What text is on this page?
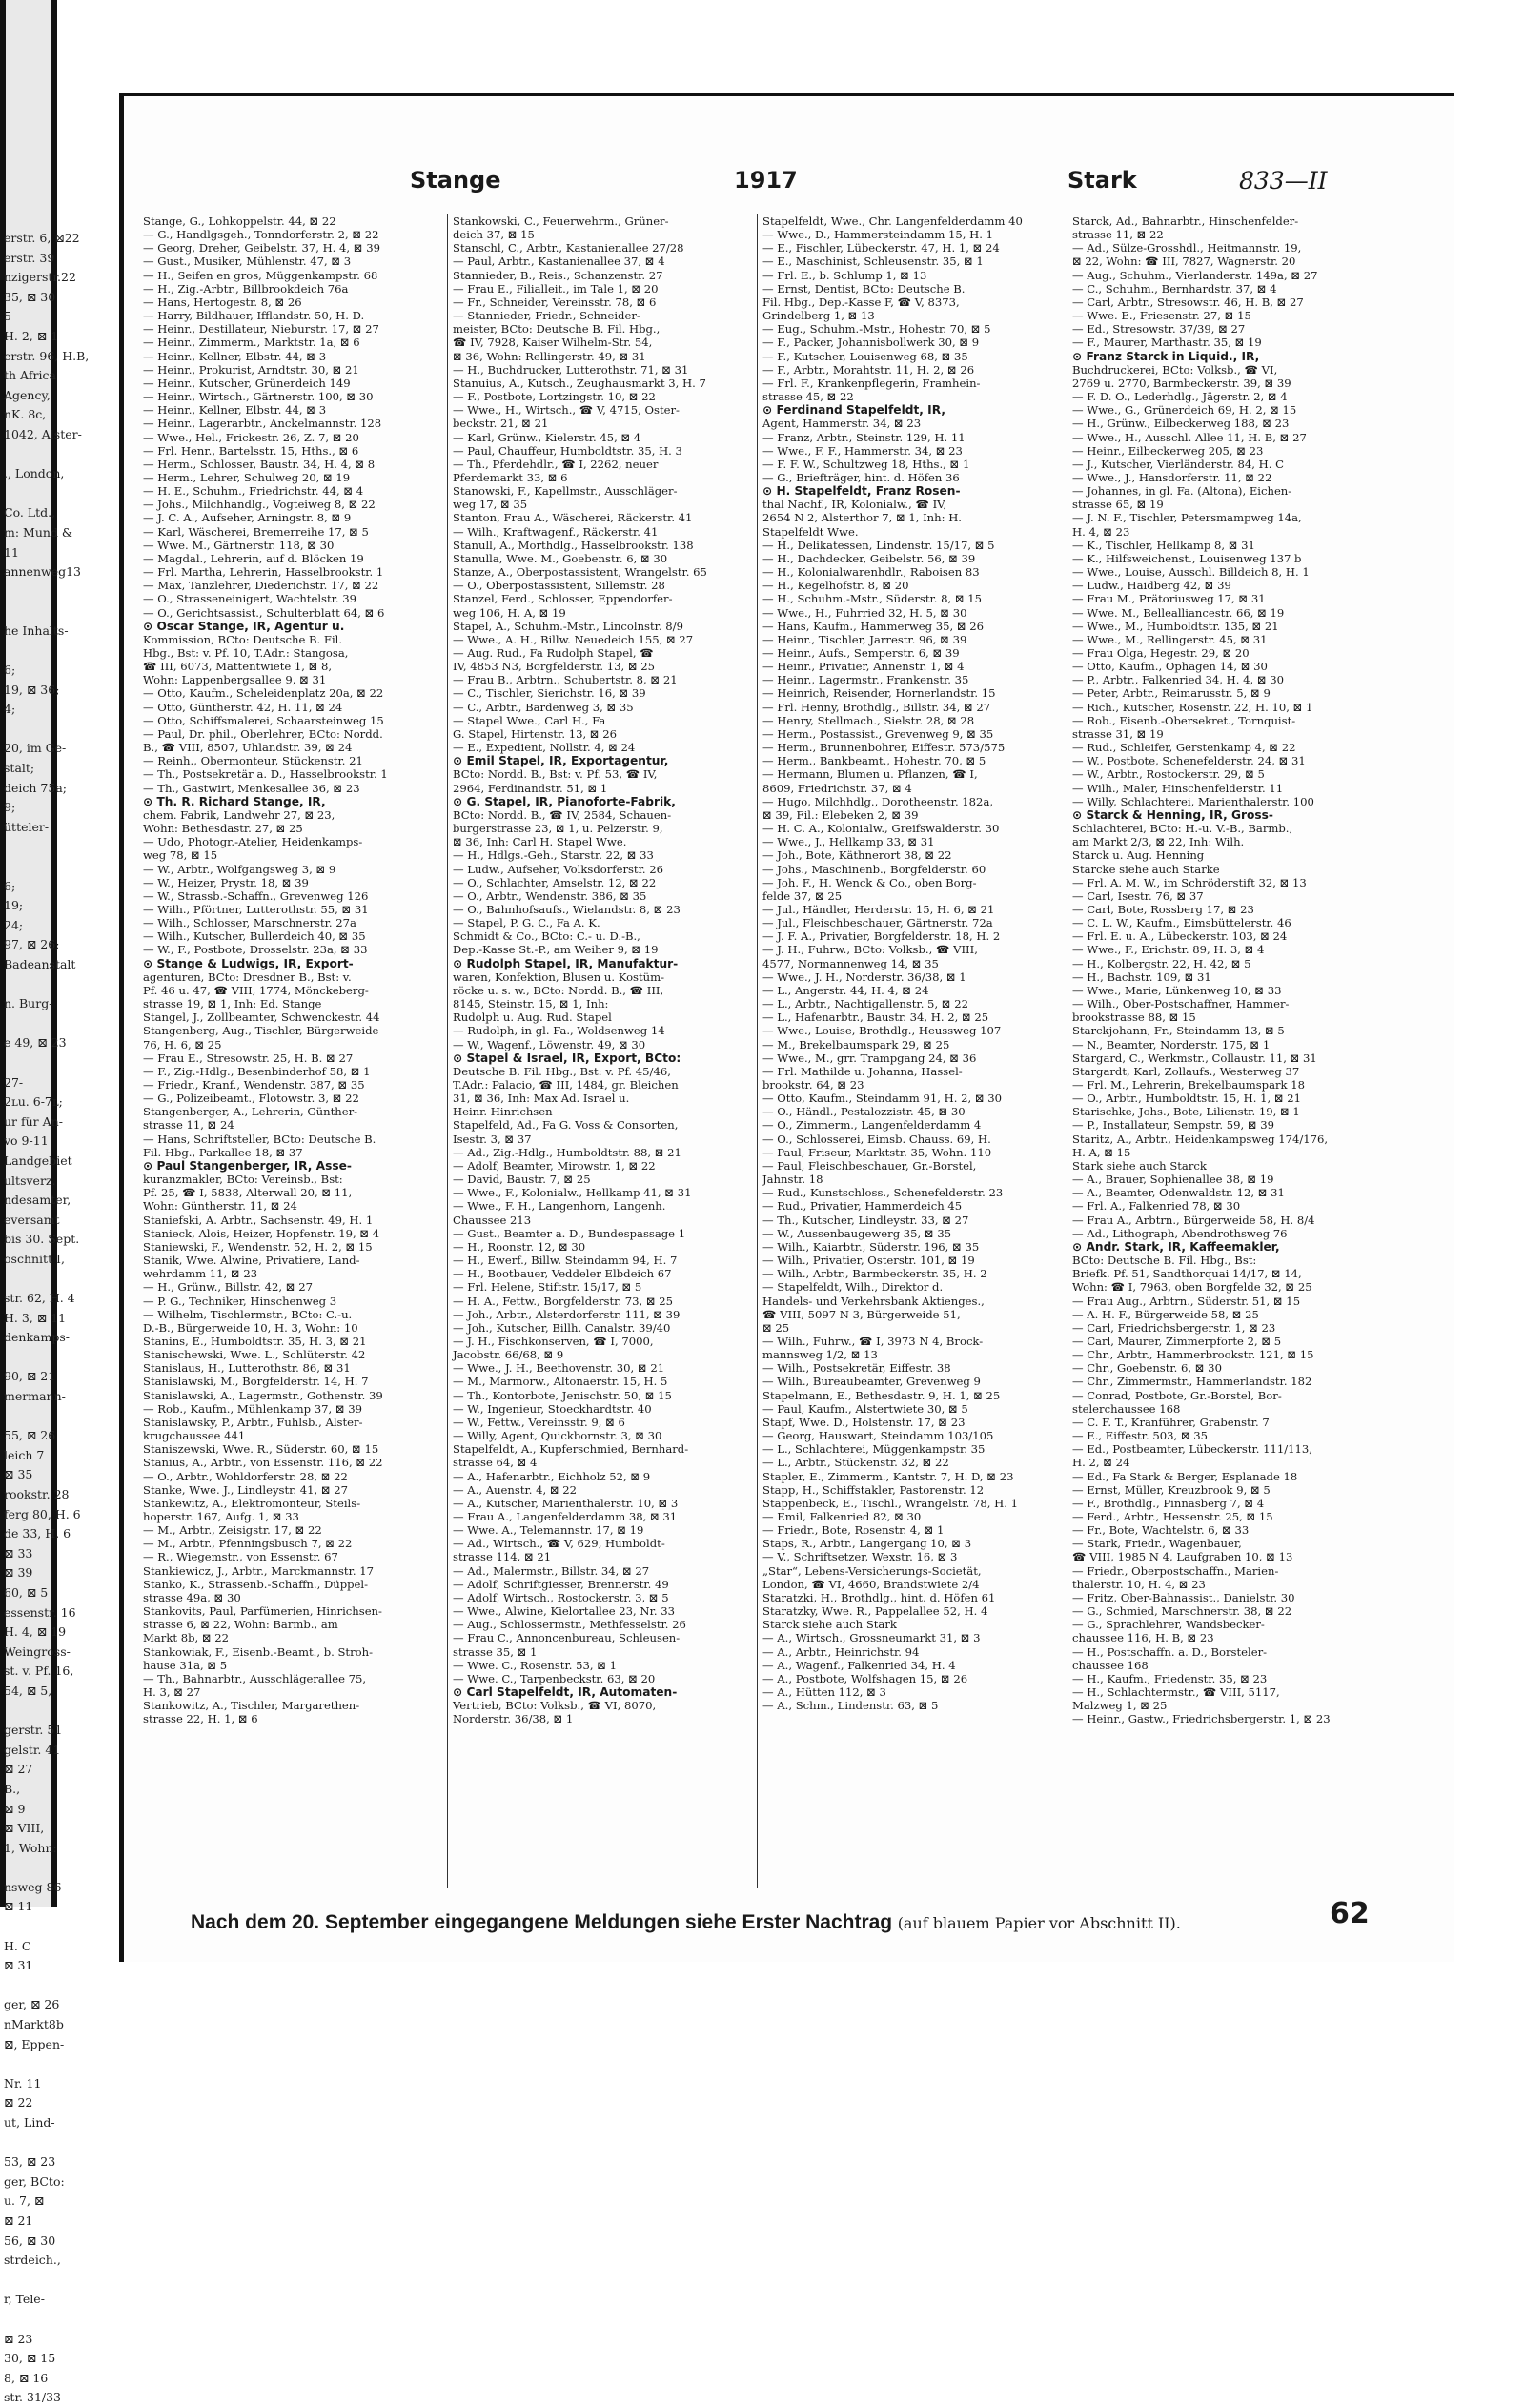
erstr. 6, ⊠22
erstr. 39
nzigerstr.22
35, ⊠ 30
5
H. 2, ⊠ 1
erstr. 96, H.B,
th Africa
Agency,
nK. 8c,
1042, Alster-

., London,

Co. Ltd.,
m: Mund &
11
annenweg13

he Inhalts-

6;
19, ⊠ 36;
4;

20, im Ge-
stalt;
deich 75a;
9;
ütteler-

6;
19;
24;
97, ⊠ 26;
Badeanstalt

n. Burg-

e 49, ⊠ 23

27-
2ʟu. 6-7ʟ;
ur für An-
vo 9-11
Landgebiet
ultsverz.
ndesamter,
eversamt
bis 30. Sept.
oschnitt I,

str. 62, H. 4
H. 3, ⊠ 11
denkamps-

90, ⊠ 21
mermann-

55, ⊠ 26
leich 7
⊠ 35
rookstr. 28
ferg 80, H. 6
de 33, H. 6
⊠ 33
⊠ 39
60, ⊠ 5
essenstr. 16
H. 4, ⊠ 19
Weingross-
st. v. Pf. 16,
54, ⊠ 5,

gerstr. 51
gelstr. 41
⊠ 27
B.,
⊠ 9
⊠ VIII,
1, Wohn:

nsweg 86
⊠ 11

H. C
⊠ 31

ger, ⊠ 26
nMarkt8b
⊠, Eppen-

Nr. 11
⊠ 22
ut, Lind-

53, ⊠ 23
ger, BCto:
u. 7, ⊠
⊠ 21
56, ⊠ 30
strdeich.,

r, Tele-

⊠ 23
30, ⊠ 15
8, ⊠ 16
str. 31/33
Stange	1917	Stark	833—II
Stange, G., Lohkoppelstr. 44, ⊠ 22
— G., Handlgsgeh., Tonndorferstr. 2, ⊠ 22
— Georg, Dreher, Geibelstr. 37, H. 4, ⊠ 39
— Gust., Musiker, Mühlenstr. 47, ⊠ 3
— H., Seifen en gros, Müggenkampstr. 68
— H., Zig.-Arbtr., Billbrookdeich 76a
— Hans, Hertogestr. 8, ⊠ 26
— Harry, Bildhauer, Ifflandstr. 50, H. D.
— Heinr., Destillateur, Nieburstr. 17, ⊠ 27
— Heinr., Zimmerm., Marktstr. 1a, ⊠ 6
— Heinr., Kellner, Elbstr. 44, ⊠ 3
— Heinr., Prokurist, Arndtstr. 30, ⊠ 21
— Heinr., Kutscher, Grünerdeich 149
— Heinr., Wirtsch., Gärtnerstr. 100, ⊠ 30
— Heinr., Kellner, Elbstr. 44, ⊠ 3
— Heinr., Lagerarbtr., Anckelmannstr. 128
— Wwe., Hel., Frickestr. 26, Z. 7, ⊠ 20
— Frl. Henr., Bartelsstr. 15, Hths., ⊠ 6
— Herm., Schlosser, Baustr. 34, H. 4, ⊠ 8
— Herm., Lehrer, Schulweg 20, ⊠ 19
— H. E., Schuhm., Friedrichstr. 44, ⊠ 4
— Johs., Milchhandlg., Vogteiweg 8, ⊠ 22
— J. C. A., Aufseher, Arningstr. 8, ⊠ 9
— Karl, Wäscherei, Bremerreihe 17, ⊠ 5
— Wwe. M., Gärtnerstr. 118, ⊠ 30
— Magdal., Lehrerin, auf d. Blöcken 19
— Frl. Martha, Lehrerin, Hasselbrookstr. 1
— Max, Tanzlehrer, Diederichstr. 17, ⊠ 22
— O., Strasseneinigert, Wachtelstr. 39
— O., Gerichtsassist., Schulterblatt 64, ⊠ 6
⊙ Oscar Stange, IR, Agentur u.
Kommission, BCto: Deutsche B. Fil.
Hbg., Bst: v. Pf. 10, T.Adr.: Stangosa,
☎ III, 6073, Mattentwiete 1, ⊠ 8,
Wohn: Lappenbergsallee 9, ⊠ 31
— Otto, Kaufm., Scheleidenplatz 20a, ⊠ 22
— Otto, Güntherstr. 42, H. 11, ⊠ 24
— Otto, Schiffsmalerei, Schaarsteinweg 15
— Paul, Dr. phil., Oberlehrer, BCto: Nordd.
B., ☎ VIII, 8507, Uhlandstr. 39, ⊠ 24
— Reinh., Obermonteur, Stückenstr. 21
— Th., Postsekretär a. D., Hasselbrookstr. 1
— Th., Gastwirt, Menkesallee 36, ⊠ 23
⊙ Th. R. Richard Stange, IR,
chem. Fabrik, Landwehr 27, ⊠ 23,
Wohn: Bethesdastr. 27, ⊠ 25
— Udo, Photogr.-Atelier, Heidenkamps-
weg 78, ⊠ 15
— W., Arbtr., Wolfgangsweg 3, ⊠ 9
— W., Heizer, Prystr. 18, ⊠ 39
— W., Strassb.-Schaffn., Grevenweg 126
— Wilh., Pförtner, Lutterothstr. 55, ⊠ 31
— Wilh., Schlosser, Marschnerstr. 27a
— Wilh., Kutscher, Bullerdeich 40, ⊠ 35
— W., F., Postbote, Drosselstr. 23a, ⊠ 33
⊙ Stange & Ludwigs, IR, Export-
agenturen, BCto: Dresdner B., Bst: v.
Pf. 46 u. 47, ☎ VIII, 1774, Mönckeberg-
strasse 19, ⊠ 1, Inh: Ed. Stange
Stangel, J., Zollbeamter, Schwenckestr. 44
Stangenberg, Aug., Tischler, Bürgerweide
76, H. 6, ⊠ 25
— Frau E., Stresowstr. 25, H. B. ⊠ 27
— F., Zig.-Hdlg., Besenbinderhof 58, ⊠ 1
— Friedr., Kranf., Wendenstr. 387, ⊠ 35
— G., Polizeibeamt., Flotowstr. 3, ⊠ 22
Stangenberger, A., Lehrerin, Günther-
strasse 11, ⊠ 24
— Hans, Schriftsteller, BCto: Deutsche B.
Fil. Hbg., Parkallee 18, ⊠ 37
⊙ Paul Stangenberger, IR, Asse-
kuranzmakler, BCto: Vereinsb., Bst:
Pf. 25, ☎ I, 5838, Alterwall 20, ⊠ 11,
Wohn: Güntherstr. 11, ⊠ 24
Staniefski, A. Arbtr., Sachsenstr. 49, H. 1
Stanieck, Alois, Heizer, Hopfenstr. 19, ⊠ 4
Staniewski, F., Wendenstr. 52, H. 2, ⊠ 15
Stanik, Wwe. Alwine, Privatiere, Land-
wehrdamm 11, ⊠ 23
— H., Grünw., Billstr. 42, ⊠ 27
— P. G., Techniker, Hinschenweg 3
— Wilhelm, Tischlermstr., BCto: C.-u.
D.-B., Bürgerweide 10, H. 3, Wohn: 10
Stanins, E., Humboldtstr. 35, H. 3, ⊠ 21
Stanischewski, Wwe. L., Schlüterstr. 42
Stanislaus, H., Lutterothstr. 86, ⊠ 31
Stanislawski, M., Borgfelderstr. 14, H. 7
Stanislawski, A., Lagermstr., Gothenstr. 39
— Rob., Kaufm., Mühlenkamp 37, ⊠ 39
Stanislawsky, P., Arbtr., Fuhlsb., Alster-
krugchaussee 441
Staniszewski, Wwe. R., Süderstr. 60, ⊠ 15
Stanius, A., Arbtr., von Essenstr. 116, ⊠ 22
— O., Arbtr., Wohldorferstr. 28, ⊠ 22
Stanke, Wwe. J., Lindleystr. 41, ⊠ 27
Stankewitz, A., Elektromonteur, Steils-
hoperstr. 167, Aufg. 1, ⊠ 33
— M., Arbtr., Zeisigstr. 17, ⊠ 22
— M., Arbtr., Pfenningsbusch 7, ⊠ 22
— R., Wiegemstr., von Essenstr. 67
Stankiewicz, J., Arbtr., Marckmannstr. 17
Stanko, K., Strassenb.-Schaffn., Düppel-
strasse 49a, ⊠ 30
Stankovits, Paul, Parfümerien, Hinrichsen-
strasse 6, ⊠ 22, Wohn: Barmb., am
Markt 8b, ⊠ 22
Stankowiak, F., Eisenb.-Beamt., b. Stroh-
hause 31a, ⊠ 5
— Th., Bahnarbtr., Ausschlägerallee 75,
H. 3, ⊠ 27
Stankowitz, A., Tischler, Margarethen-
strasse 22, H. 1, ⊠ 6
Stankowski, C., Feuerwehrm., Grüner-
deich 37, ⊠ 15
Stanschl, C., Arbtr., Kastanienallee 27/28
— Paul, Arbtr., Kastanienallee 37, ⊠ 4
Stannieder, B., Reis., Schanzenstr. 27
— Frau E., Filialleit., im Tale 1, ⊠ 20
— Fr., Schneider, Vereinsstr. 78, ⊠ 6
— Stannieder, Friedr., Schneider-
meister, BCto: Deutsche B. Fil. Hbg.,
☎ IV, 7928, Kaiser Wilhelm-Str. 54,
⊠ 36, Wohn: Rellingerstr. 49, ⊠ 31
— H., Buchdrucker, Lutterothstr. 71, ⊠ 31
Stanuius, A., Kutsch., Zeughausmarkt 3, H. 7
— F., Postbote, Lortzingstr. 10, ⊠ 22
— Wwe., H., Wirtsch., ☎ V, 4715, Oster-
beckstr. 21, ⊠ 21
— Karl, Grünw., Kielerstr. 45, ⊠ 4
— Paul, Chauffeur, Humboldtstr. 35, H. 3
— Th., Pferdehdlr., ☎ I, 2262, neuer
Pferdemarkt 33, ⊠ 6
Stanowski, F., Kapellmstr., Ausschläger-
weg 17, ⊠ 35
Stanton, Frau A., Wäscherei, Räckerstr. 41
— Wilh., Kraftwagenf., Räckerstr. 41
Stanull, A., Morthdlg., Hasselbrookstr. 138
Stanulla, Wwe. M., Goebenstr. 6, ⊠ 30
Stanze, A., Oberpostassistent, Wrangelstr. 65
— O., Oberpostassistent, Sillemstr. 28
Stanzel, Ferd., Schlosser, Eppendorfer-
weg 106, H. A, ⊠ 19
Stapel, A., Schuhm.-Mstr., Lincolnstr. 8/9
— Wwe., A. H., Billw. Neuedeich 155, ⊠ 27
— Aug. Rud., Fa Rudolph Stapel, ☎
IV, 4853 N3, Borgfelderstr. 13, ⊠ 25
— Frau B., Arbtrn., Schubertstr. 8, ⊠ 21
— C., Tischler, Sierichstr. 16, ⊠ 39
— C., Arbtr., Bardenweg 3, ⊠ 35
— Stapel Wwe., Carl H., Fa
G. Stapel, Hirtenstr. 13, ⊠ 26
— E., Expedient, Nollstr. 4, ⊠ 24
⊙ Emil Stapel, IR, Exportagentur,
BCto: Nordd. B., Bst: v. Pf. 53, ☎ IV,
2964, Ferdinandstr. 51, ⊠ 1
⊙ G. Stapel, IR, Pianoforte-Fabrik,
BCto: Nordd. B., ☎ IV, 2584, Schauen-
burgerstrasse 23, ⊠ 1, u. Pelzerstr. 9,
⊠ 36, Inh: Carl H. Stapel Wwe.
— H., Hdlgs.-Geh., Starstr. 22, ⊠ 33
— Ludw., Aufseher, Volksdorferstr. 26
— O., Schlachter, Amselstr. 12, ⊠ 22
— O., Arbtr., Wendenstr. 386, ⊠ 35
— O., Bahnhofsaufs., Wielandstr. 8, ⊠ 23
— Stapel, P. G. C., Fa A. K.
Schmidt & Co., BCto: C.- u. D.-B.,
Dep.-Kasse St.-P., am Weiher 9, ⊠ 19
⊙ Rudolph Stapel, IR, Manufaktur-
waren, Konfektion, Blusen u. Kostüm-
röcke u. s. w., BCto: Nordd. B., ☎ III,
8145, Steinstr. 15, ⊠ 1, Inh:
Rudolph u. Aug. Rud. Stapel
— Rudolph, in gl. Fa., Woldsenweg 14
— W., Wagenf., Löwenstr. 49, ⊠ 30
⊙ Stapel & Israel, IR, Export, BCto:
Deutsche B. Fil. Hbg., Bst: v. Pf. 45/46,
T.Adr.: Palacio, ☎ III, 1484, gr. Bleichen
31, ⊠ 36, Inh: Max Ad. Israel u.
Heinr. Hinrichsen
Stapelfeld, Ad., Fa G. Voss & Consorten,
Isestr. 3, ⊠ 37
— Ad., Zig.-Hdlg., Humboldtstr. 88, ⊠ 21
— Adolf, Beamter, Mirowstr. 1, ⊠ 22
— David, Baustr. 7, ⊠ 25
— Wwe., F., Kolonialw., Hellkamp 41, ⊠ 31
— Wwe., F. H., Langenhorn, Langenh.
Chaussee 213
— Gust., Beamter a. D., Bundespassage 1
— H., Roonstr. 12, ⊠ 30
— H., Ewerf., Billw. Steindamm 94, H. 7
— H., Bootbauer, Veddeler Elbdeich 67
— Frl. Helene, Stiftstr. 15/17, ⊠ 5
— H. A., Fettw., Borgfelderstr. 73, ⊠ 25
— Joh., Arbtr., Alsterdorferstr. 111, ⊠ 39
— Joh., Kutscher, Billh. Canalstr. 39/40
— J. H., Fischkonserven, ☎ I, 7000,
Jacobstr. 66/68, ⊠ 9
— Wwe., J. H., Beethovenstr. 30, ⊠ 21
— M., Marmorw., Altonaerstr. 15, H. 5
— Th., Kontorbote, Jenischstr. 50, ⊠ 15
— W., Ingenieur, Stoeckhardtstr. 40
— W., Fettw., Vereinsstr. 9, ⊠ 6
— Willy, Agent, Quickbornstr. 3, ⊠ 30
Stapelfeldt, A., Kupferschmied, Bernhard-
strasse 64, ⊠ 4
— A., Hafenarbtr., Eichholz 52, ⊠ 9
— A., Auenstr. 4, ⊠ 22
— A., Kutscher, Marienthalerstr. 10, ⊠ 3
— Frau A., Langenfelderdamm 38, ⊠ 31
— Wwe. A., Telemannstr. 17, ⊠ 19
— Ad., Wirtsch., ☎ V, 629, Humboldt-
strasse 114, ⊠ 21
— Ad., Malermstr., Billstr. 34, ⊠ 27
— Adolf, Schriftgiesser, Brennerstr. 49
— Adolf, Wirtsch., Rostockerstr. 3, ⊠ 5
— Wwe., Alwine, Kielortallee 23, Nr. 33
— Aug., Schlossermstr., Methfesselstr. 26
— Frau C., Annoncenbureau, Schleusen-
strasse 35, ⊠ 1
— Wwe. C., Rosenstr. 53, ⊠ 1
— Wwe. C., Tarpenbeckstr. 63, ⊠ 20
⊙ Carl Stapelfeldt, IR, Automaten-
Vertrieb, BCto: Volksb., ☎ VI, 8070,
Norderstr. 36/38, ⊠ 1
Stapelfeldt, Wwe., Chr. Langenfelderdamm 40
— Wwe., D., Hammersteindamm 15, H. 1
— E., Fischler, Lübeckerstr. 47, H. 1, ⊠ 24
— E., Maschinist, Schleusenstr. 35, ⊠ 1
— Frl. E., b. Schlump 1, ⊠ 13
— Ernst, Dentist, BCto: Deutsche B.
Fil. Hbg., Dep.-Kasse F, ☎ V, 8373,
Grindelberg 1, ⊠ 13
— Eug., Schuhm.-Mstr., Hohestr. 70, ⊠ 5
— F., Packer, Johannisbollwerk 30, ⊠ 9
— F., Kutscher, Louisenweg 68, ⊠ 35
— F., Arbtr., Morahtstr. 11, H. 2, ⊠ 26
— Frl. F., Krankenpflegerin, Framhein-
strasse 45, ⊠ 22
⊙ Ferdinand Stapelfeldt, IR,
Agent, Hammerstr. 34, ⊠ 23
— Franz, Arbtr., Steinstr. 129, H. 11
— Wwe., F. F., Hammerstr. 34, ⊠ 23
— F. F. W., Schultzweg 18, Hths., ⊠ 1
— G., Briefträger, hint. d. Höfen 36
⊙ H. Stapelfeldt, Franz Rosen-
thal Nachf., IR, Kolonialw., ☎ IV,
2654 N 2, Alsterthor 7, ⊠ 1, Inh: H.
Stapelfeldt Wwe.
— H., Delikatessen, Lindenstr. 15/17, ⊠ 5
— H., Dachdecker, Geibelstr. 56, ⊠ 39
— H., Kolonialwarenhdlr., Raboisen 83
— H., Kegelhofstr. 8, ⊠ 20
— H., Schuhm.-Mstr., Süderstr. 8, ⊠ 15
— Wwe., H., Fuhrried 32, H. 5, ⊠ 30
— Hans, Kaufm., Hammerweg 35, ⊠ 26
— Heinr., Tischler, Jarrestr. 96, ⊠ 39
— Heinr., Aufs., Semperstr. 6, ⊠ 39
— Heinr., Privatier, Annenstr. 1, ⊠ 4
— Heinr., Lagermstr., Frankenstr. 35
— Heinrich, Reisender, Hornerlandstr. 15
— Frl. Henny, Brothdlg., Billstr. 34, ⊠ 27
— Henry, Stellmach., Sielstr. 28, ⊠ 28
— Herm., Postassist., Grevenweg 9, ⊠ 35
— Herm., Brunnenbohrer, Eiffestr. 573/575
— Herm., Bankbeamt., Hohestr. 70, ⊠ 5
— Hermann, Blumen u. Pflanzen, ☎ I,
8609, Friedrichstr. 37, ⊠ 4
— Hugo, Milchhdlg., Dorotheenstr. 182a,
⊠ 39, Fil.: Elebeken 2, ⊠ 39
— H. C. A., Kolonialw., Greifswalderstr. 30
— Wwe., J., Hellkamp 33, ⊠ 31
— Joh., Bote, Käthnerort 38, ⊠ 22
— Johs., Maschinenb., Borgfelderstr. 60
— Joh. F., H. Wenck & Co., oben Borg-
felde 37, ⊠ 25
— Jul., Händler, Herderstr. 15, H. 6, ⊠ 21
— Jul., Fleischbeschauer, Gärtnerstr. 72a
— J. F. A., Privatier, Borgfelderstr. 18, H. 2
— J. H., Fuhrw., BCto: Volksb., ☎ VIII,
4577, Normannenweg 14, ⊠ 35
— Wwe., J. H., Norderstr. 36/38, ⊠ 1
— L., Angerstr. 44, H. 4, ⊠ 24
— L., Arbtr., Nachtigallenstr. 5, ⊠ 22
— L., Hafenarbtr., Baustr. 34, H. 2, ⊠ 25
— Wwe., Louise, Brothdlg., Heussweg 107
— M., Brekelbaumspark 29, ⊠ 25
— Wwe., M., grr. Trampgang 24, ⊠ 36
— Frl. Mathilde u. Johanna, Hassel-
brookstr. 64, ⊠ 23
— Otto, Kaufm., Steindamm 91, H. 2, ⊠ 30
— O., Händl., Pestalozzistr. 45, ⊠ 30
— O., Zimmerm., Langenfelderdamm 4
— O., Schlosserei, Eimsb. Chauss. 69, H.
— Paul, Friseur, Marktstr. 35, Wohn. 110
— Paul, Fleischbeschauer, Gr.-Borstel,
Jahnstr. 18
— Rud., Kunstschloss., Schenefelderstr. 23
— Rud., Privatier, Hammerdeich 45
— Th., Kutscher, Lindleystr. 33, ⊠ 27
— W., Aussenbaugewerg 35, ⊠ 35
— Wilh., Kaiarbtr., Süderstr. 196, ⊠ 35
— Wilh., Privatier, Osterstr. 101, ⊠ 19
— Wilh., Arbtr., Barmbeckerstr. 35, H. 2
— Stapelfeldt, Wilh., Direktor d.
Handels- und Verkehrsbank Aktienges.,
☎ VIII, 5097 N 3, Bürgerweide 51,
⊠ 25
— Wilh., Fuhrw., ☎ I, 3973 N 4, Brock-
mannsweg 1/2, ⊠ 13
— Wilh., Postsekretär, Eiffestr. 38
— Wilh., Bureaubeamter, Grevenweg 9
Stapelmann, E., Bethesdastr. 9, H. 1, ⊠ 25
— Paul, Kaufm., Alstertwiete 30, ⊠ 5
Stapf, Wwe. D., Holstenstr. 17, ⊠ 23
— Georg, Hauswart, Steindamm 103/105
— L., Schlachterei, Müggenkampstr. 35
— L., Arbtr., Stückenstr. 32, ⊠ 22
Stapler, E., Zimmerm., Kantstr. 7, H. D, ⊠ 23
Stapp, H., Schiffstakler, Pastorenstr. 12
Stappenbeck, E., Tischl., Wrangelstr. 78, H. 1
— Emil, Falkenried 82, ⊠ 30
— Friedr., Bote, Rosenstr. 4, ⊠ 1
Staps, R., Arbtr., Langergang 10, ⊠ 3
— V., Schriftsetzer, Wexstr. 16, ⊠ 3
„Star“, Lebens-Versicherungs-Societät,
London, ☎ VI, 4660, Brandstwiete 2/4
Staratzki, H., Brothdlg., hint. d. Höfen 61
Staratzky, Wwe. R., Pappelallee 52, H. 4
Starck siehe auch Stark
— A., Wirtsch., Grossneumarkt 31, ⊠ 3
— A., Arbtr., Heinrichstr. 94
— A., Wagenf., Falkenried 34, H. 4
— A., Postbote, Wolfshagen 15, ⊠ 26
— A., Hütten 112, ⊠ 3
— A., Schm., Lindenstr. 63, ⊠ 5
Starck, Ad., Bahnarbtr., Hinschenfelder-
strasse 11, ⊠ 22
— Ad., Sülze-Grosshdl., Heitmannstr. 19,
⊠ 22, Wohn: ☎ III, 7827, Wagnerstr. 20
— Aug., Schuhm., Vierlanderstr. 149a, ⊠ 27
— C., Schuhm., Bernhardstr. 37, ⊠ 4
— Carl, Arbtr., Stresowstr. 46, H. B, ⊠ 27
— Wwe. E., Friesenstr. 27, ⊠ 15
— Ed., Stresowstr. 37/39, ⊠ 27
— F., Maurer, Marthastr. 35, ⊠ 19
⊙ Franz Starck in Liquid., IR,
Buchdruckerei, BCto: Volksb., ☎ VI,
2769 u. 2770, Barmbeckerstr. 39, ⊠ 39
— F. D. O., Lederhdlg., Jägerstr. 2, ⊠ 4
— Wwe., G., Grünerdeich 69, H. 2, ⊠ 15
— H., Grünw., Eilbeckerweg 188, ⊠ 23
— Wwe., H., Ausschl. Allee 11, H. B, ⊠ 27
— Heinr., Eilbeckerweg 205, ⊠ 23
— J., Kutscher, Vierländerstr. 84, H. C
— Wwe., J., Hansdorferstr. 11, ⊠ 22
— Johannes, in gl. Fa. (Altona), Eichen-
strasse 65, ⊠ 19
— J. N. F., Tischler, Petersmampweg 14a,
H. 4, ⊠ 23
— K., Tischler, Hellkamp 8, ⊠ 31
— K., Hilfsweichenst., Louisenweg 137 b
— Wwe., Louise, Ausschl. Billdeich 8, H. 1
— Ludw., Haidberg 42, ⊠ 39
— Frau M., Prätoriusweg 17, ⊠ 31
— Wwe. M., Bellealliancestr. 66, ⊠ 19
— Wwe., M., Humboldtstr. 135, ⊠ 21
— Wwe., M., Rellingerstr. 45, ⊠ 31
— Frau Olga, Hegestr. 29, ⊠ 20
— Otto, Kaufm., Ophagen 14, ⊠ 30
— P., Arbtr., Falkenried 34, H. 4, ⊠ 30
— Peter, Arbtr., Reimarusstr. 5, ⊠ 9
— Rich., Kutscher, Rosenstr. 22, H. 10, ⊠ 1
— Rob., Eisenb.-Obersekret., Tornquist-
strasse 31, ⊠ 19
— Rud., Schleifer, Gerstenkamp 4, ⊠ 22
— W., Postbote, Schenefelderstr. 24, ⊠ 31
— W., Arbtr., Rostockerstr. 29, ⊠ 5
— Wilh., Maler, Hinschenfelderstr. 11
— Willy, Schlachterei, Marienthalerstr. 100
⊙ Starck & Henning, IR, Gross-
Schlachterei, BCto: H.-u. V.-B., Barmb.,
am Markt 2/3, ⊠ 22, Inh: Wilh.
Starck u. Aug. Henning
Starcke siehe auch Starke
— Frl. A. M. W., im Schröderstift 32, ⊠ 13
— Carl, Isestr. 76, ⊠ 37
— Carl, Bote, Rossberg 17, ⊠ 23
— C. L. W., Kaufm., Eimsbüttelerstr. 46
— Frl. E. u. A., Lübeckerstr. 103, ⊠ 24
— Wwe., F., Erichstr. 89, H. 3, ⊠ 4
— H., Kolbergstr. 22, H. 42, ⊠ 5
— H., Bachstr. 109, ⊠ 31
— Wwe., Marie, Lünkenweg 10, ⊠ 33
— Wilh., Ober-Postschaffner, Hammer-
brookstrasse 88, ⊠ 15
Starckjohann, Fr., Steindamm 13, ⊠ 5
— N., Beamter, Norderstr. 175, ⊠ 1
Stargard, C., Werkmstr., Collaustr. 11, ⊠ 31
Stargardt, Karl, Zollaufs., Westerweg 37
— Frl. M., Lehrerin, Brekelbaumspark 18
— O., Arbtr., Humboldtstr. 15, H. 1, ⊠ 21
Starischke, Johs., Bote, Lilienstr. 19, ⊠ 1
— P., Installateur, Sempstr. 59, ⊠ 39
Staritz, A., Arbtr., Heidenkampsweg 174/176,
H. A, ⊠ 15
Stark siehe auch Starck
— A., Brauer, Sophienallee 38, ⊠ 19
— A., Beamter, Odenwaldstr. 12, ⊠ 31
— Frl. A., Falkenried 78, ⊠ 30
— Frau A., Arbtrn., Bürgerweide 58, H. 8/4
— Ad., Lithograph, Abendrothsweg 76
⊙ Andr. Stark, IR, Kaffeemakler,
BCto: Deutsche B. Fil. Hbg., Bst:
Briefk. Pf. 51, Sandthorquai 14/17, ⊠ 14,
Wohn: ☎ I, 7963, oben Borgfelde 32, ⊠ 25
— Frau Aug., Arbtrn., Süderstr. 51, ⊠ 15
— A. H. F., Bürgerweide 58, ⊠ 25
— Carl, Friedrichsbergerstr. 1, ⊠ 23
— Carl, Maurer, Zimmerpforte 2, ⊠ 5
— Chr., Arbtr., Hammerbrookstr. 121, ⊠ 15
— Chr., Goebenstr. 6, ⊠ 30
— Chr., Zimmermstr., Hammerlandstr. 182
— Conrad, Postbote, Gr.-Borstel, Bor-
stelerchaussee 168
— C. F. T., Kranführer, Grabenstr. 7
— E., Eiffestr. 503, ⊠ 35
— Ed., Postbeamter, Lübeckerstr. 111/113,
H. 2, ⊠ 24
— Ed., Fa Stark & Berger, Esplanade 18
— Ernst, Müller, Kreuzbrook 9, ⊠ 5
— F., Brothdlg., Pinnasberg 7, ⊠ 4
— Ferd., Arbtr., Hessenstr. 25, ⊠ 15
— Fr., Bote, Wachtelstr. 6, ⊠ 33
— Stark, Friedr., Wagenbauer,
☎ VIII, 1985 N 4, Laufgraben 10, ⊠ 13
— Friedr., Oberpostschaffn., Marien-
thalerstr. 10, H. 4, ⊠ 23
— Fritz, Ober-Bahnassist., Danielstr. 30
— G., Schmied, Marschnerstr. 38, ⊠ 22
— G., Sprachlehrer, Wandsbecker-
chaussee 116, H. B, ⊠ 23
— H., Postschaffn. a. D., Borsteler-
chaussee 168
— H., Kaufm., Friedenstr. 35, ⊠ 23
— H., Schlachtermstr., ☎ VIII, 5117,
Malzweg 1, ⊠ 25
— Heinr., Gastw., Friedrichsbergerstr. 1, ⊠ 23
Nach dem 20. September eingegangene Meldungen siehe Erster Nachtrag (auf blauem Papier vor Abschnitt II).	62
